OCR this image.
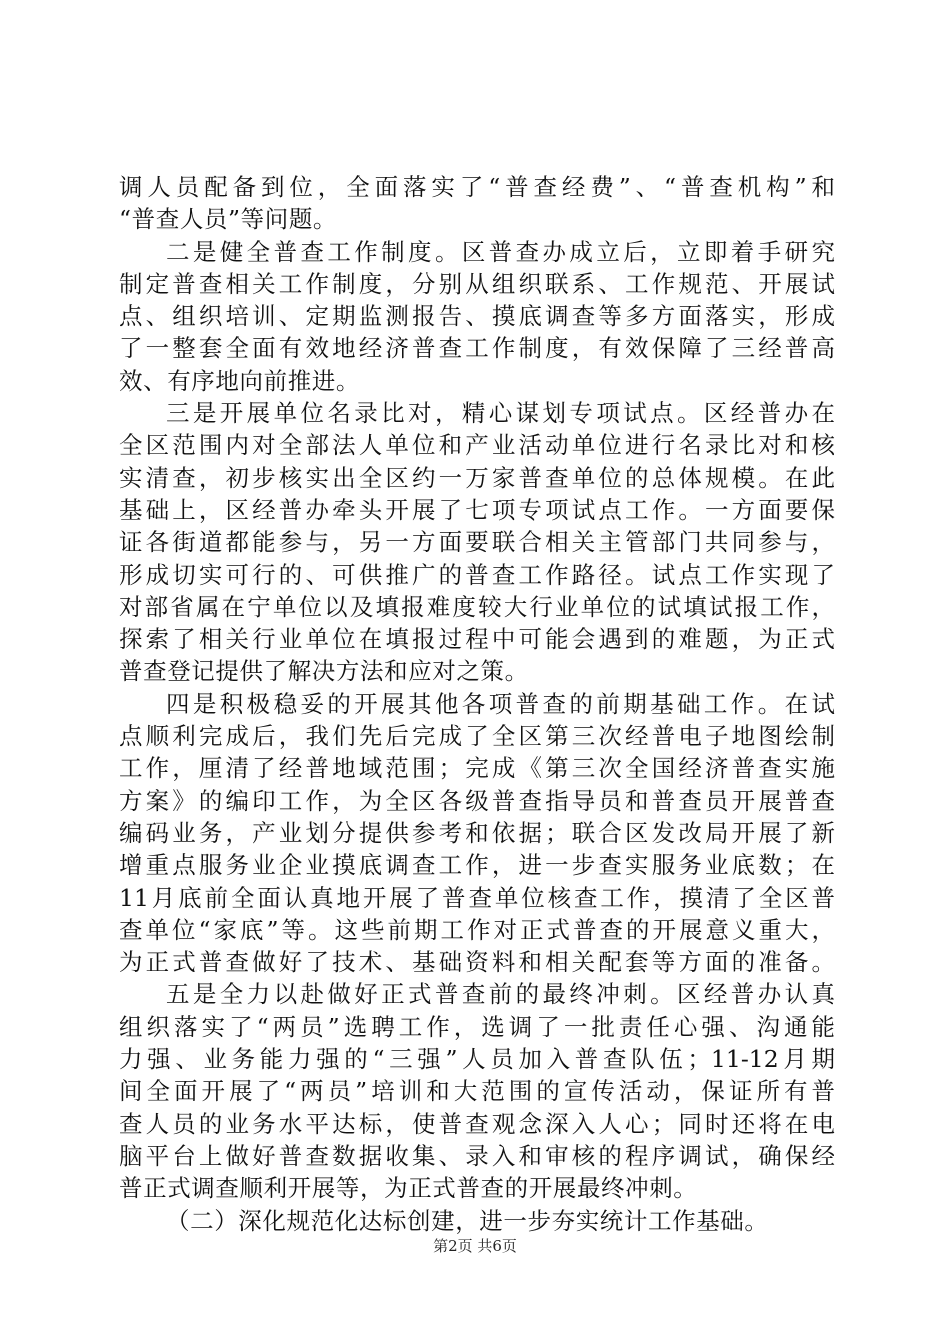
调人员配备到位，全面落实了“普查经费”、“普查机构”和
“普查人员”等问题。
二是健全普查工作制度。区普查办成立后，立即着手研究
制定普查相关工作制度，分别从组织联系、工作规范、开展试
点、组织培训、定期监测报告、摸底调查等多方面落实，形成
了一整套全面有效地经济普查工作制度，有效保障了三经普高
效、有序地向前推进。
三是开展单位名录比对，精心谋划专项试点。区经普办在
全区范围内对全部法人单位和产业活动单位进行名录比对和核
实清查，初步核实出全区约一万家普查单位的总体规模。在此
基础上，区经普办牵头开展了七项专项试点工作。一方面要保
证各街道都能参与，另一方面要联合相关主管部门共同参与，
形成切实可行的、可供推广的普查工作路径。试点工作实现了
对部省属在宁单位以及填报难度较大行业单位的试填试报工作，
探索了相关行业单位在填报过程中可能会遇到的难题，为正式
普查登记提供了解决方法和应对之策。
四是积极稳妥的开展其他各项普查的前期基础工作。在试
点顺利完成后，我们先后完成了全区第三次经普电子地图绘制
工作，厘清了经普地域范围；完成《第三次全国经济普查实施
方案》的编印工作，为全区各级普查指导员和普查员开展普查
编码业务，产业划分提供参考和依据；联合区发改局开展了新
增重点服务业企业摸底调查工作，进一步查实服务业底数；在
11月底前全面认真地开展了普查单位核查工作，摸清了全区普
查单位“家底”等。这些前期工作对正式普查的开展意义重大，
为正式普查做好了技术、基础资料和相关配套等方面的准备。
五是全力以赴做好正式普查前的最终冲刺。区经普办认真
组织落实了“两员”选聘工作，选调了一批责任心强、沟通能
力强、业务能力强的“三强”人员加入普查队伍；11-12月期
间全面开展了“两员”培训和大范围的宣传活动，保证所有普
查人员的业务水平达标，使普查观念深入人心；同时还将在电
脑平台上做好普查数据收集、录入和审核的程序调试，确保经
普正式调查顺利开展等，为正式普查的开展最终冲刺。
（二）深化规范化达标创建，进一步夯实统计工作基础。
第2页 共6页
